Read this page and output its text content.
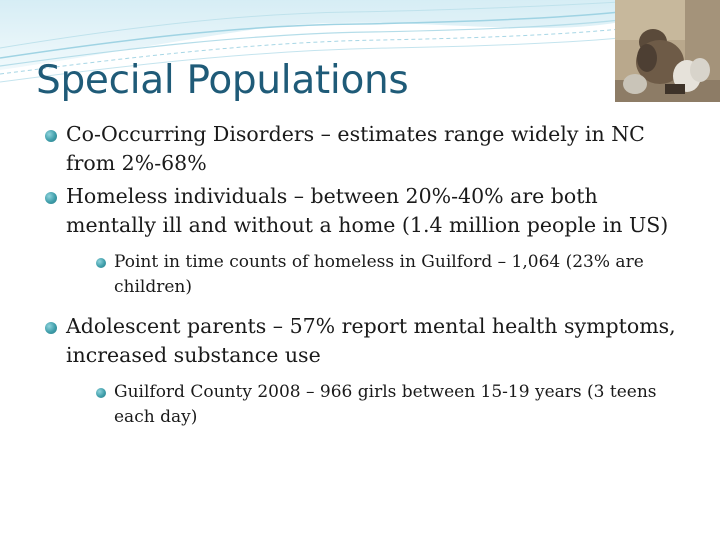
Special Populations
Co-Occurring Disorders – estimates range widely in NC from 2%-68%
Homeless individuals – between 20%-40% are both mentally ill and without a home (1.4 million people in US)
Point in time counts of homeless in Guilford – 1,064 (23% are children)
Adolescent parents – 57% report mental health symptoms, increased substance use
Guilford County 2008 – 966 girls between 15-19 years (3 teens each day)
